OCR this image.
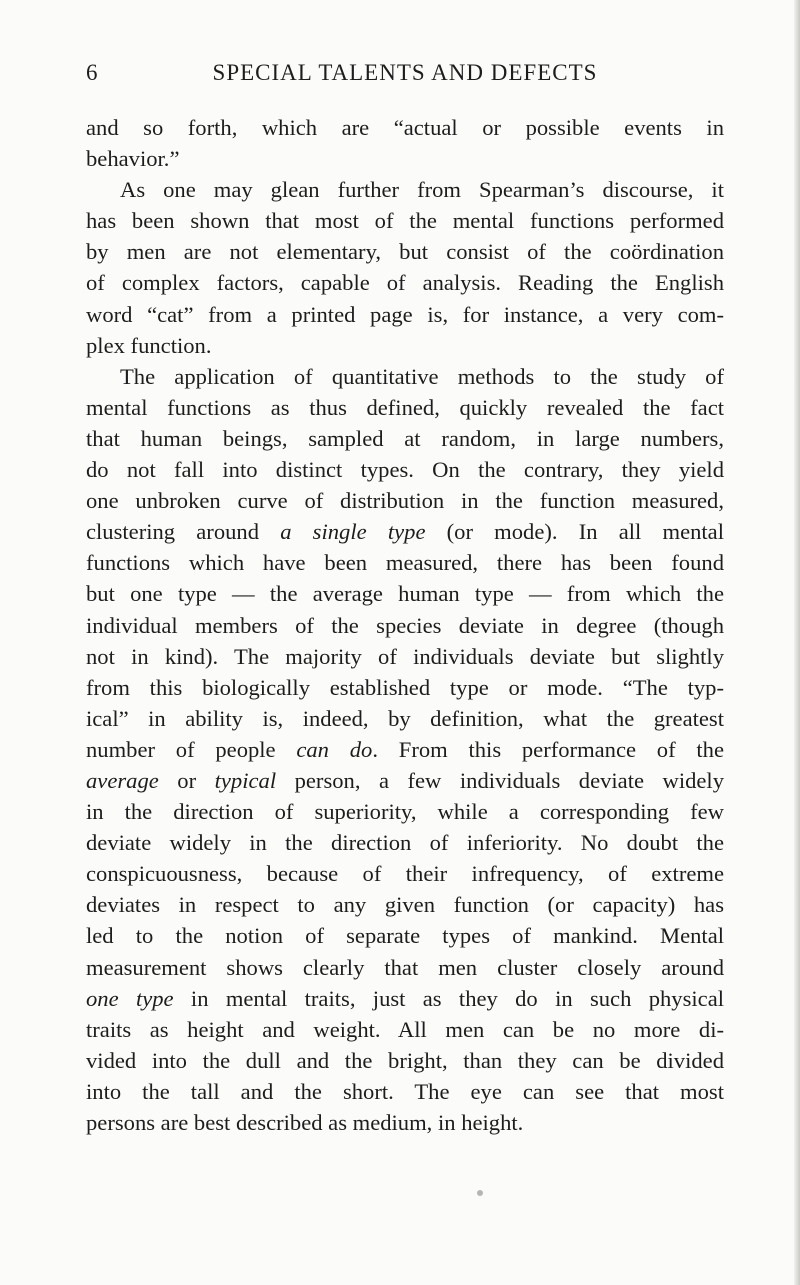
6	SPECIAL TALENTS AND DEFECTS
and so forth, which are “actual or possible events in
behavior.”
As one may glean further from Spearman’s discourse, it
has been shown that most of the mental functions performed
by men are not elementary, but consist of the coördination
of complex factors, capable of analysis. Reading the English
word “cat” from a printed page is, for instance, a very com-
plex function.
The application of quantitative methods to the study of
mental functions as thus defined, quickly revealed the fact
that human beings, sampled at random, in large numbers,
do not fall into distinct types. On the contrary, they yield
one unbroken curve of distribution in the function measured,
clustering around a single type (or mode). In all mental
functions which have been measured, there has been found
but one type — the average human type — from which the
individual members of the species deviate in degree (though
not in kind). The majority of individuals deviate but slightly
from this biologically established type or mode. “The typ-
ical” in ability is, indeed, by definition, what the greatest
number of people can do. From this performance of the
average or typical person, a few individuals deviate widely
in the direction of superiority, while a corresponding few
deviate widely in the direction of inferiority. No doubt the
conspicuousness, because of their infrequency, of extreme
deviates in respect to any given function (or capacity) has
led to the notion of separate types of mankind. Mental
measurement shows clearly that men cluster closely around
one type in mental traits, just as they do in such physical
traits as height and weight. All men can be no more di-
vided into the dull and the bright, than they can be divided
into the tall and the short. The eye can see that most
persons are best described as medium, in height.
